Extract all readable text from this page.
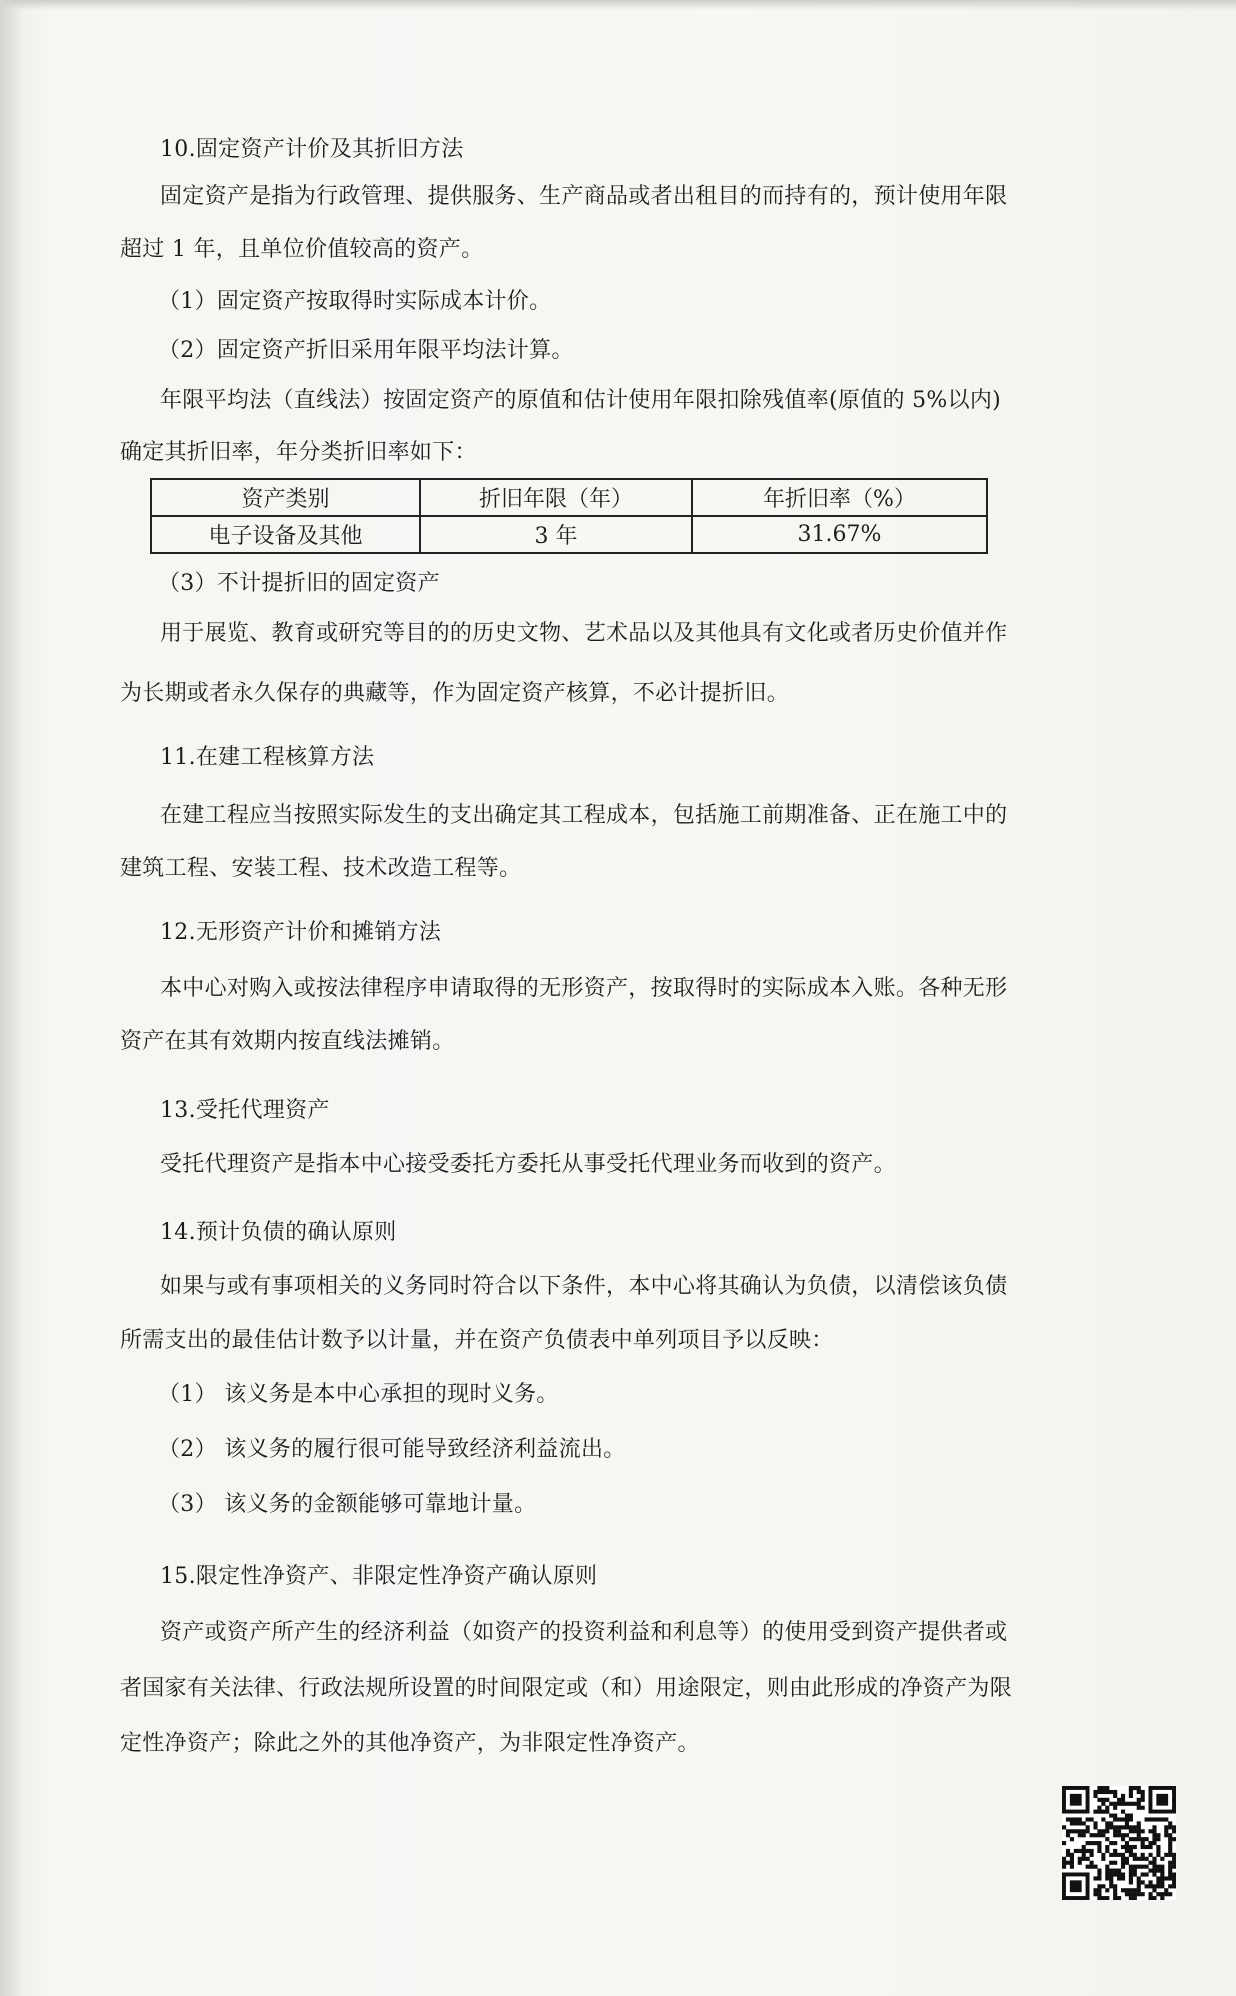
10.固定资产计价及其折旧方法
固定资产是指为行政管理、提供服务、生产商品或者出租目的而持有的，预计使用年限
超过 1 年，且单位价值较高的资产。
（1）固定资产按取得时实际成本计价。
（2）固定资产折旧采用年限平均法计算。
年限平均法（直线法）按固定资产的原值和估计使用年限扣除残值率(原值的 5%以内)
确定其折旧率，年分类折旧率如下：
资产类别	折旧年限（年）	年折旧率（%）
电子设备及其他	3 年	31.67%
（3）不计提折旧的固定资产
用于展览、教育或研究等目的的历史文物、艺术品以及其他具有文化或者历史价值并作
为长期或者永久保存的典藏等，作为固定资产核算，不必计提折旧。
11.在建工程核算方法
在建工程应当按照实际发生的支出确定其工程成本，包括施工前期准备、正在施工中的
建筑工程、安装工程、技术改造工程等。
12.无形资产计价和摊销方法
本中心对购入或按法律程序申请取得的无形资产，按取得时的实际成本入账。各种无形
资产在其有效期内按直线法摊销。
13.受托代理资产
受托代理资产是指本中心接受委托方委托从事受托代理业务而收到的资产。
14.预计负债的确认原则
如果与或有事项相关的义务同时符合以下条件，本中心将其确认为负债，以清偿该负债
所需支出的最佳估计数予以计量，并在资产负债表中单列项目予以反映：
（1） 该义务是本中心承担的现时义务。
（2） 该义务的履行很可能导致经济利益流出。
（3） 该义务的金额能够可靠地计量。
15.限定性净资产、非限定性净资产确认原则
资产或资产所产生的经济利益（如资产的投资利益和利息等）的使用受到资产提供者或
者国家有关法律、行政法规所设置的时间限定或（和）用途限定，则由此形成的净资产为限
定性净资产；除此之外的其他净资产，为非限定性净资产。
